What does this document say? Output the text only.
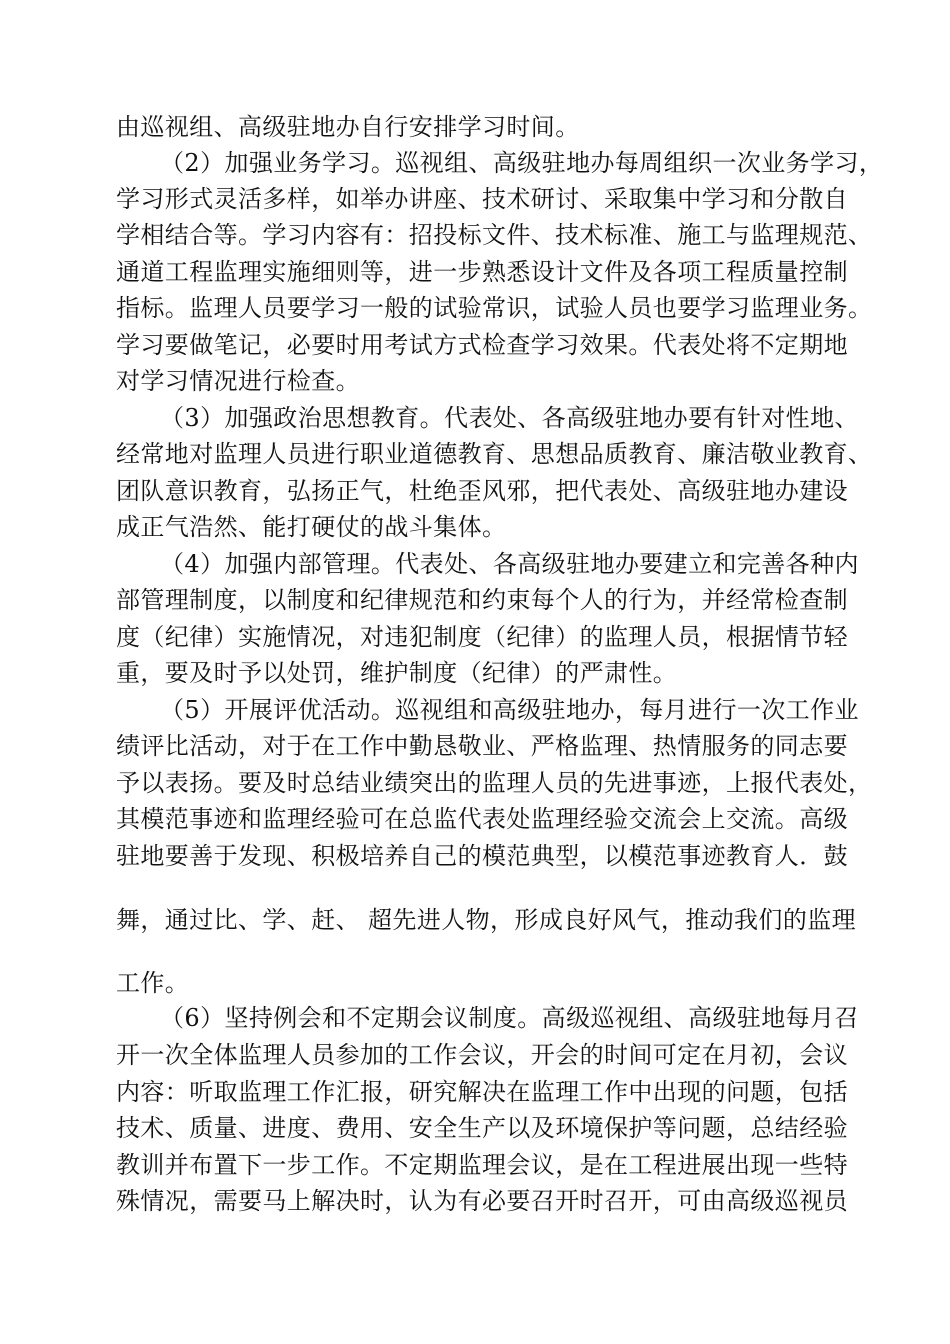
由巡视组、高级驻地办自行安排学习时间。
（2）加强业务学习。巡视组、高级驻地办每周组织一次业务学习，
学习形式灵活多样，如举办讲座、技术研讨、采取集中学习和分散自
学相结合等。学习内容有：招投标文件、技术标准、施工与监理规范、
通道工程监理实施细则等，进一步熟悉设计文件及各项工程质量控制
指标。监理人员要学习一般的试验常识，试验人员也要学习监理业务。
学习要做笔记，必要时用考试方式检查学习效果。代表处将不定期地
对学习情况进行检查。
（3）加强政治思想教育。代表处、各高级驻地办要有针对性地、
经常地对监理人员进行职业道德教育、思想品质教育、廉洁敬业教育、
团队意识教育，弘扬正气，杜绝歪风邪，把代表处、高级驻地办建设
成正气浩然、能打硬仗的战斗集体。
（4）加强内部管理。代表处、各高级驻地办要建立和完善各种内
部管理制度，以制度和纪律规范和约束每个人的行为，并经常检查制
度（纪律）实施情况，对违犯制度（纪律）的监理人员，根据情节轻
重，要及时予以处罚，维护制度（纪律）的严肃性。
（5）开展评优活动。巡视组和高级驻地办，每月进行一次工作业
绩评比活动，对于在工作中勤恳敬业、严格监理、热情服务的同志要
予以表扬。要及时总结业绩突出的监理人员的先进事迹，上报代表处，
其模范事迹和监理经验可在总监代表处监理经验交流会上交流。高级
驻地要善于发现、积极培养自己的模范典型，以模范事迹教育人．鼓
舞，通过比、学、赶、 超先进人物，形成良好风气，推动我们的监理
工作。
（6）坚持例会和不定期会议制度。高级巡视组、高级驻地每月召
开一次全体监理人员参加的工作会议，开会的时间可定在月初，会议
内容：听取监理工作汇报，研究解决在监理工作中出现的问题，包括
技术、质量、进度、费用、安全生产以及环境保护等问题，总结经验
教训并布置下一步工作。不定期监理会议，是在工程进展出现一些特
殊情况，需要马上解决时，认为有必要召开时召开，可由高级巡视员
